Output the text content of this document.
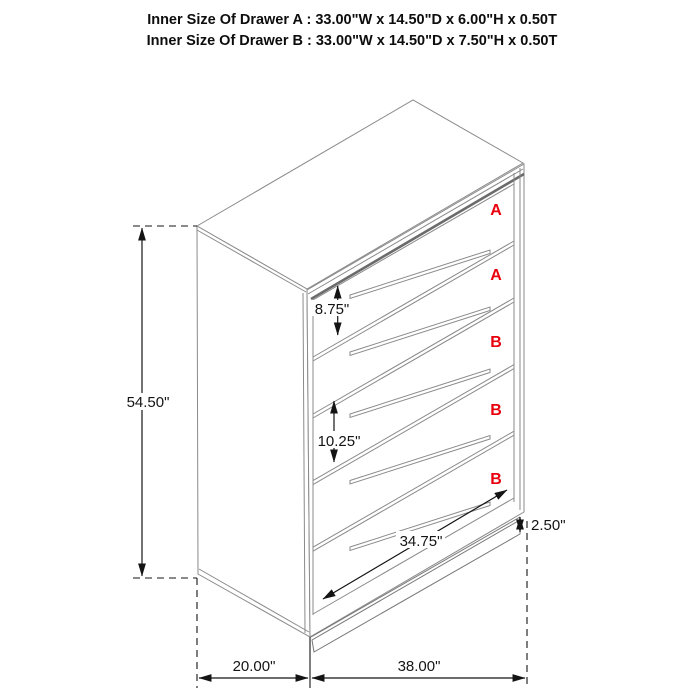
Inner Size Of Drawer A : 33.00"W x 14.50"D x 6.00"H x 0.50T
Inner Size Of Drawer B : 33.00"W x 14.50"D x 7.50"H x 0.50T
A
A
B
B
B
54.50"
8.75"
10.25"
2.50"
34.75"
20.00"	38.00"
